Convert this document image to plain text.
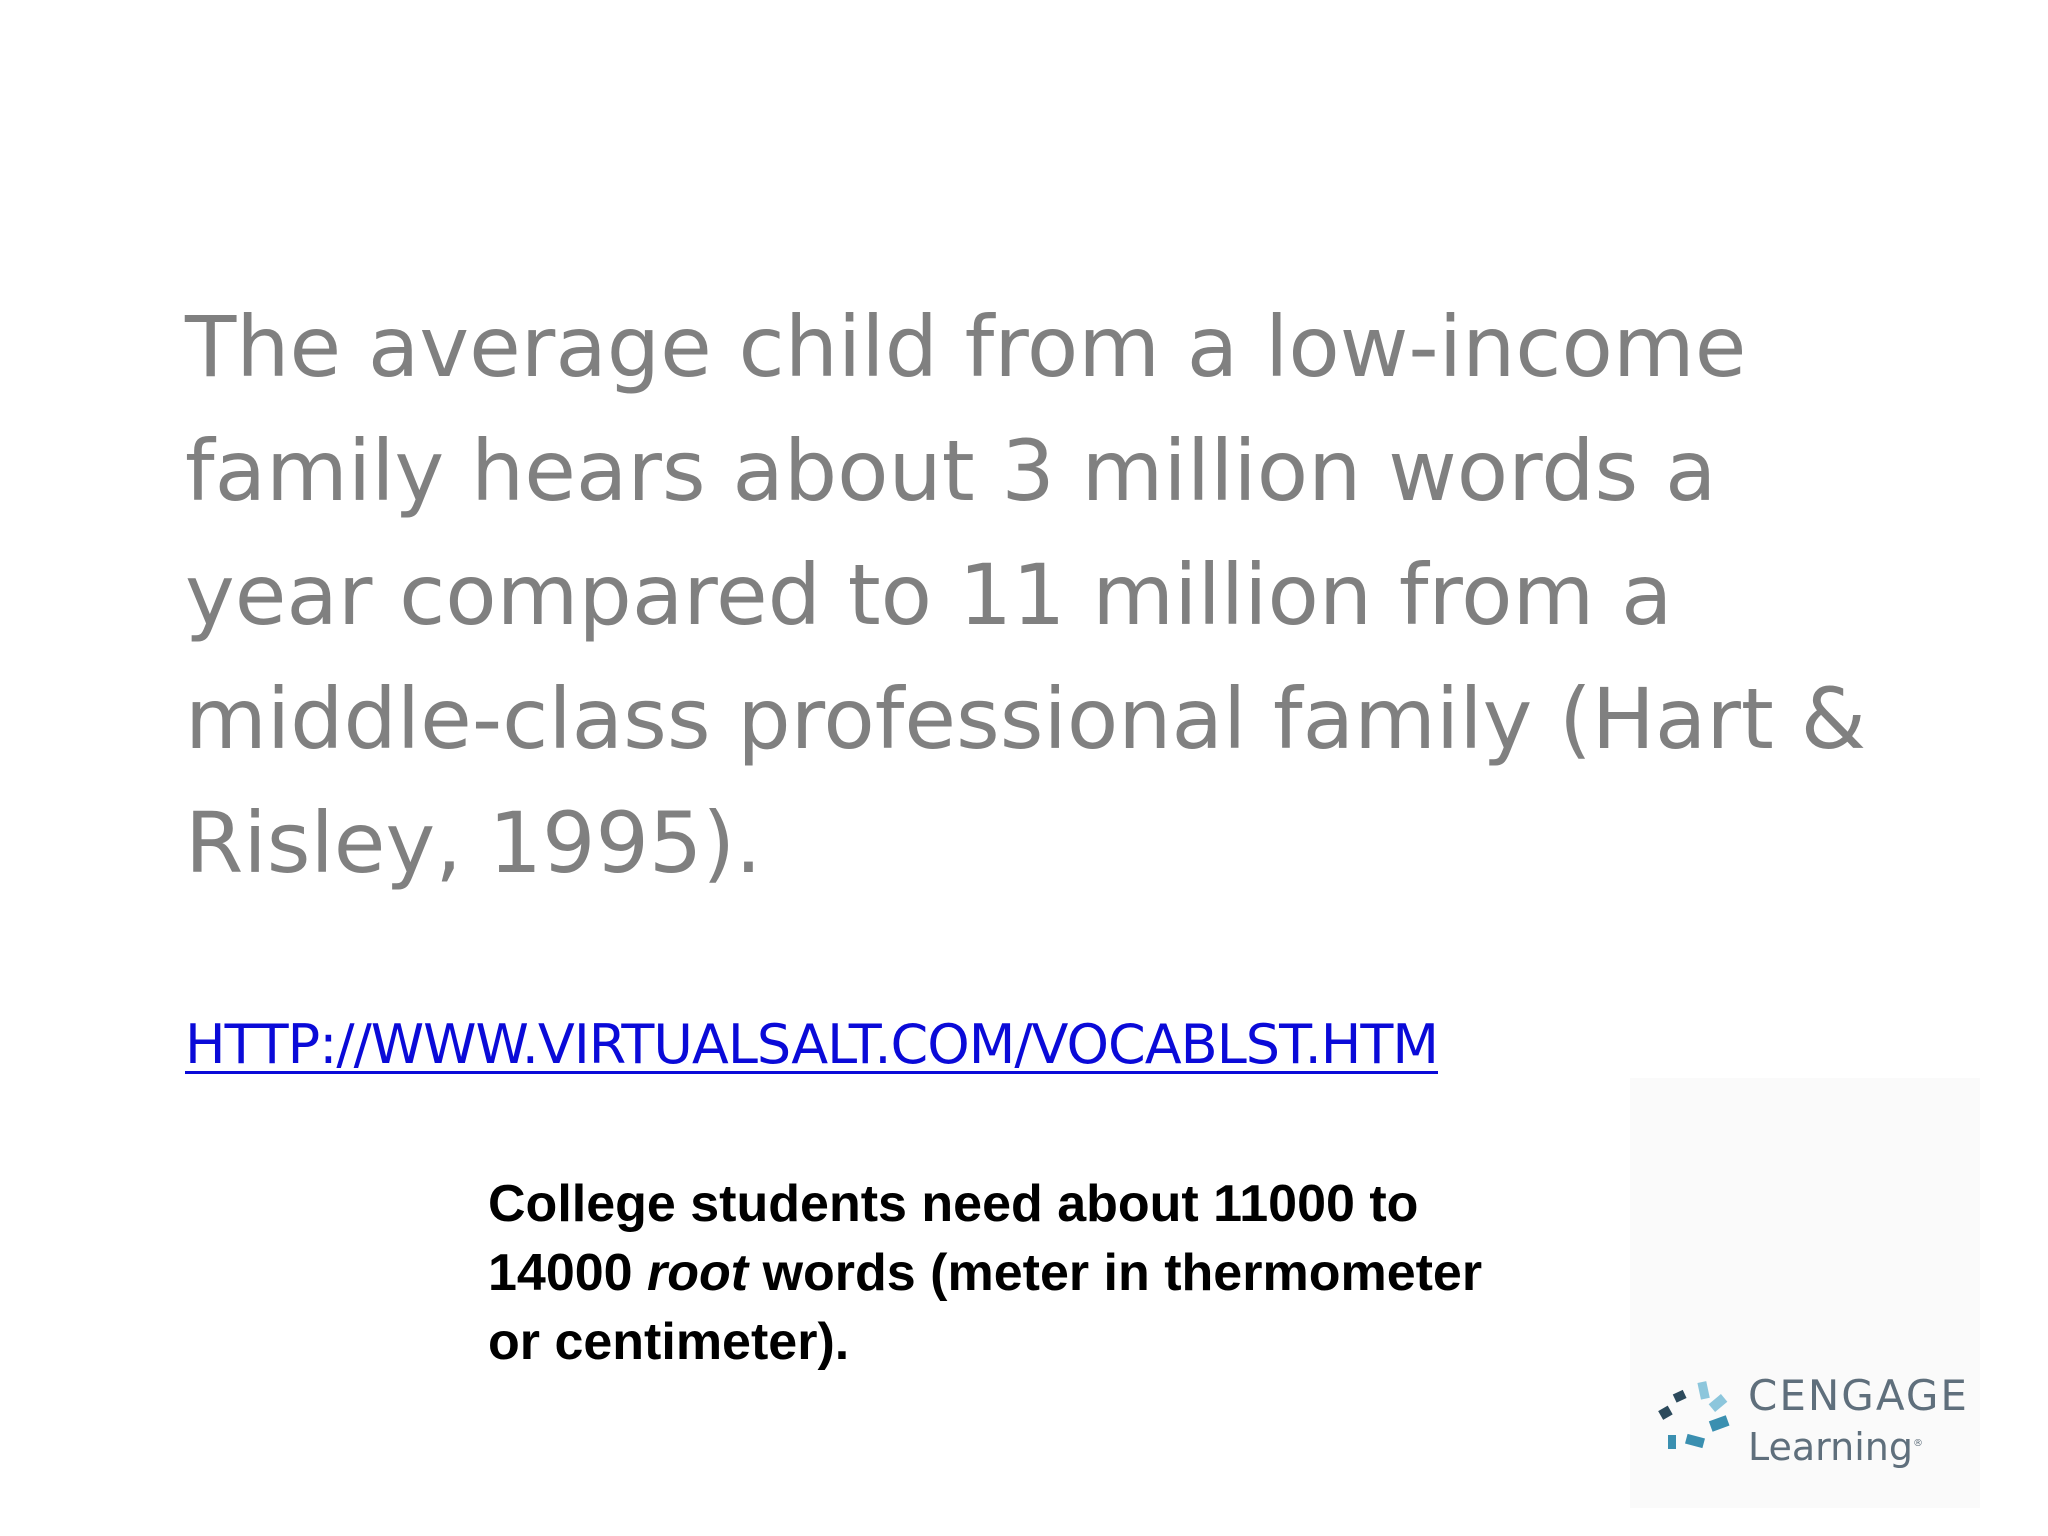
The average child from a low-income
family hears about 3 million words a
year compared to 11 million from a
middle-class professional family (Hart &
Risley, 1995).
HTTP://WWW.VIRTUALSALT.COM/VOCABLST.HTM
College students need about 11000 to
14000 root words (meter in thermometer
or centimeter).
CENGAGE
Learning®
